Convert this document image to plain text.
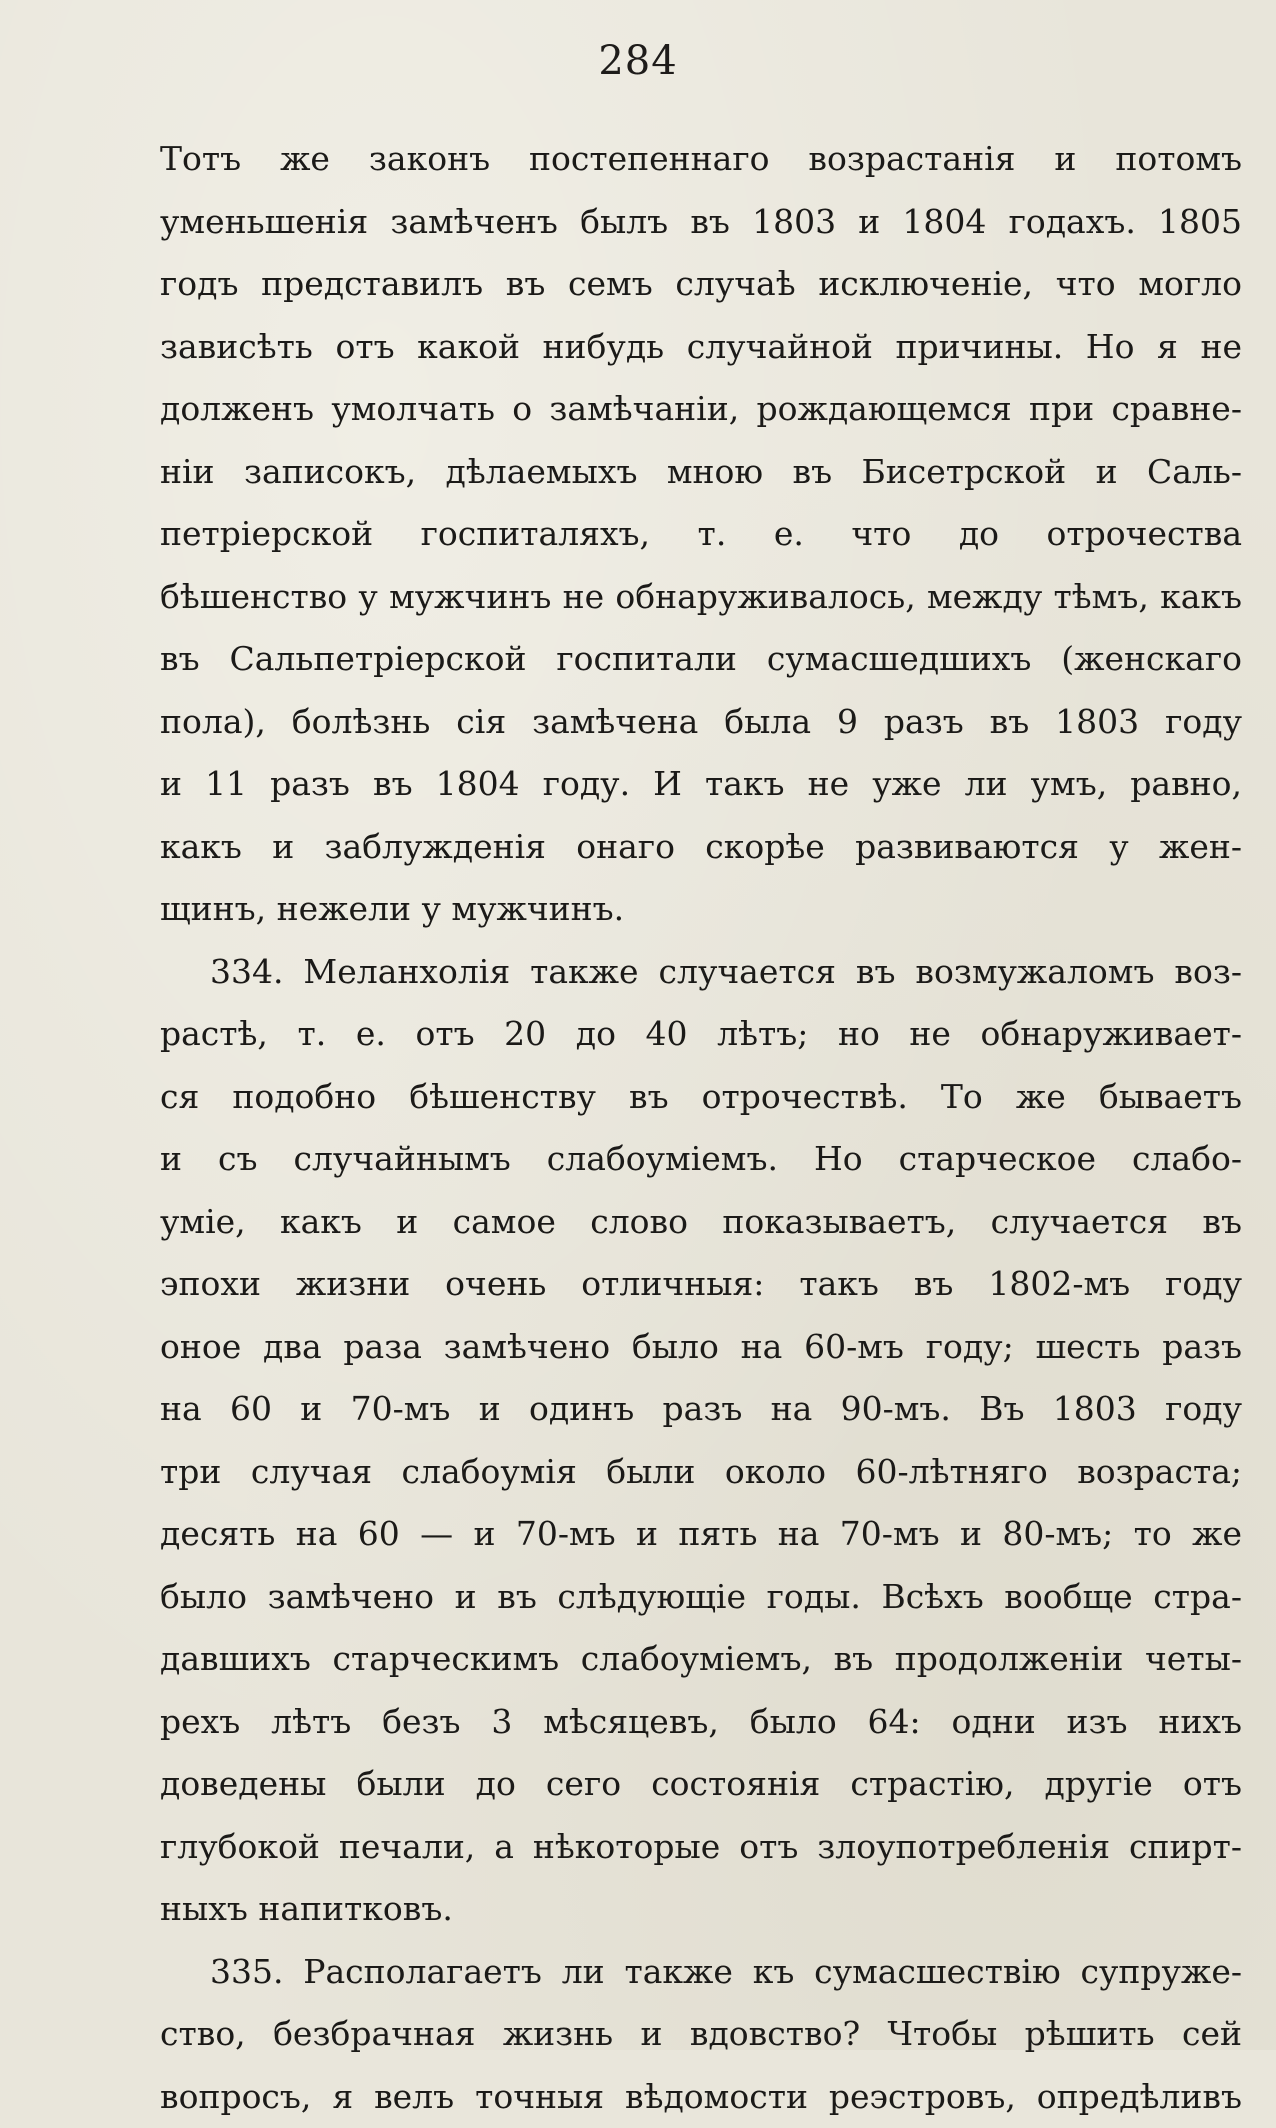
284
Тотъ же законъ постепеннаго возрастанія и потомъ
уменьшенія замѣченъ былъ въ 1803 и 1804 годахъ. 1805
годъ представилъ въ семъ случаѣ исключеніе, что могло
зависѣть отъ какой нибудь случайной причины. Но я не
долженъ умолчать о замѣчаніи, рождающемся при сравне-
ніи записокъ, дѣлаемыхъ мною въ Бисетрской и Саль-
петріерской госпиталяхъ, т. е. что до отрочества
бѣшенство у мужчинъ не обнаруживалось, между тѣмъ, какъ
въ Сальпетріерской госпитали сумасшедшихъ (женскаго
пола), болѣзнь сія замѣчена была 9 разъ въ 1803 году
и 11 разъ въ 1804 году. И такъ не уже ли умъ, равно,
какъ и заблужденія онаго скорѣе развиваются у жен-
щинъ, нежели у мужчинъ.
334. Меланхолія также случается въ возмужаломъ воз-
растѣ, т. е. отъ 20 до 40 лѣтъ; но не обнаруживает-
ся подобно бѣшенству въ отрочествѣ. То же бываетъ
и съ случайнымъ слабоуміемъ. Но старческое слабо-
уміе, какъ и самое слово показываетъ, случается въ
эпохи жизни очень отличныя: такъ въ 1802-мъ году
оное два раза замѣчено было на 60-мъ году; шесть разъ
на 60 и 70-мъ и одинъ разъ на 90-мъ. Въ 1803 году
три случая слабоумія были около 60-лѣтняго возраста;
десять на 60 — и 70-мъ и пять на 70-мъ и 80-мъ; то же
было замѣчено и въ слѣдующіе годы. Всѣхъ вообще стра-
давшихъ старческимъ слабоуміемъ, въ продолженіи четы-
рехъ лѣтъ безъ 3 мѣсяцевъ, было 64: одни изъ нихъ
доведены были до сего состоянія страстію, другіе отъ
глубокой печали, а нѣкоторые отъ злоупотребленія спирт-
ныхъ напитковъ.
335. Располагаетъ ли также къ сумасшествію супруже-
ство, безбрачная жизнь и вдовство? Чтобы рѣшить сей
вопросъ, я велъ точныя вѣдомости реэстровъ, опредѣливъ
